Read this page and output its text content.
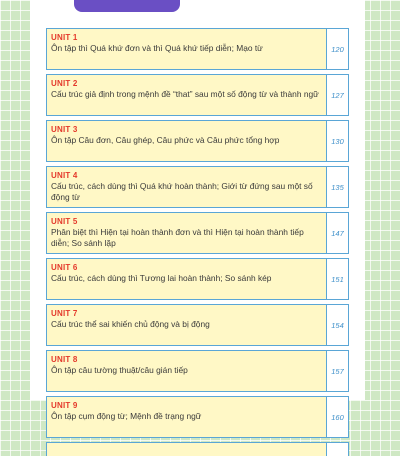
UNIT 1
Ôn tập thì Quá khứ đơn và thì Quá khứ tiếp diễn; Mạo từ	120
UNIT 2
Cấu trúc giả định trong mệnh đề “that” sau một số động từ và thành ngữ	127
UNIT 3
Ôn tập Câu đơn, Câu ghép, Câu phức và Câu phức tổng hợp	130
UNIT 4
Cấu trúc, cách dùng thì Quá khứ hoàn thành; Giới từ đứng sau một số động từ
135
UNIT 5
Phân biệt thì Hiện tại hoàn thành đơn và thì Hiện tại hoàn thành tiếp diễn; So sánh lặp
147
UNIT 6
Cấu trúc, cách dùng thì Tương lai hoàn thành; So sánh kép	151
UNIT 7
Cấu trúc thể sai khiến chủ động và bị động	154
UNIT 8
Ôn tập câu tường thuật/câu gián tiếp	157
UNIT 9
Ôn tập cụm động từ; Mệnh đề trạng ngữ	160
